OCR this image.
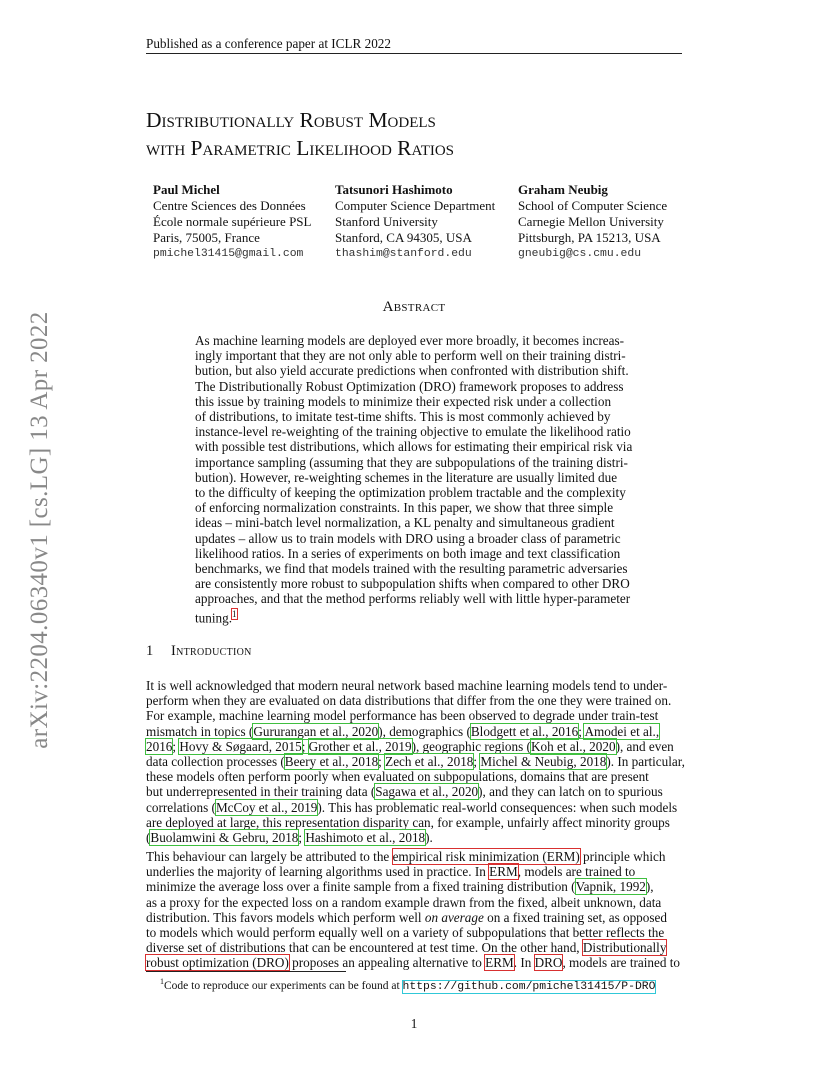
Published as a conference paper at ICLR 2022
arXiv:2204.06340v1 [cs.LG] 13 Apr 2022
Distributionally Robust Models
with Parametric Likelihood Ratios
Paul Michel
Centre Sciences des Données
École normale supérieure PSL
Paris, 75005, France
pmichel31415@gmail.com
Tatsunori Hashimoto
Computer Science Department
Stanford University
Stanford, CA 94305, USA
thashim@stanford.edu
Graham Neubig
School of Computer Science
Carnegie Mellon University
Pittsburgh, PA 15213, USA
gneubig@cs.cmu.edu
Abstract
As machine learning models are deployed ever more broadly, it becomes increas-
ingly important that they are not only able to perform well on their training distri-
bution, but also yield accurate predictions when confronted with distribution shift.
The Distributionally Robust Optimization (DRO) framework proposes to address
this issue by training models to minimize their expected risk under a collection
of distributions, to imitate test-time shifts. This is most commonly achieved by
instance-level re-weighting of the training objective to emulate the likelihood ratio
with possible test distributions, which allows for estimating their empirical risk via
importance sampling (assuming that they are subpopulations of the training distri-
bution). However, re-weighting schemes in the literature are usually limited due
to the difficulty of keeping the optimization problem tractable and the complexity
of enforcing normalization constraints. In this paper, we show that three simple
ideas – mini-batch level normalization, a KL penalty and simultaneous gradient
updates – allow us to train models with DRO using a broader class of parametric
likelihood ratios. In a series of experiments on both image and text classification
benchmarks, we find that models trained with the resulting parametric adversaries
are consistently more robust to subpopulation shifts when compared to other DRO
approaches, and that the method performs reliably well with little hyper-parameter
tuning.$^1$
1 Introduction
It is well acknowledged that modern neural network based machine learning models tend to under-
perform when they are evaluated on data distributions that differ from the one they were trained on.
For example, machine learning model performance has been observed to degrade under train-test
mismatch in topics (Gururangan et al., 2020), demographics (Blodgett et al., 2016; Amodei et al.,
2016; Hovy & Søgaard, 2015; Grother et al., 2019), geographic regions (Koh et al., 2020), and even
data collection processes (Beery et al., 2018; Zech et al., 2018; Michel & Neubig, 2018). In particular,
these models often perform poorly when evaluated on subpopulations, domains that are present
but underrepresented in their training data (Sagawa et al., 2020), and they can latch on to spurious
correlations (McCoy et al., 2019). This has problematic real-world consequences: when such models
are deployed at large, this representation disparity can, for example, unfairly affect minority groups
(Buolamwini & Gebru, 2018; Hashimoto et al., 2018).
This behaviour can largely be attributed to the empirical risk minimization (ERM) principle which
underlies the majority of learning algorithms used in practice. In ERM, models are trained to
minimize the average loss over a finite sample from a fixed training distribution (Vapnik, 1992),
as a proxy for the expected loss on a random example drawn from the fixed, albeit unknown, data
distribution. This favors models which perform well on average on a fixed training set, as opposed
to models which would perform equally well on a variety of subpopulations that better reflects the
diverse set of distributions that can be encountered at test time. On the other hand, Distributionally
robust optimization (DRO) proposes an appealing alternative to ERM. In DRO, models are trained to
$^1$Code to reproduce our experiments can be found at https://github.com/pmichel31415/P-DRO
1
